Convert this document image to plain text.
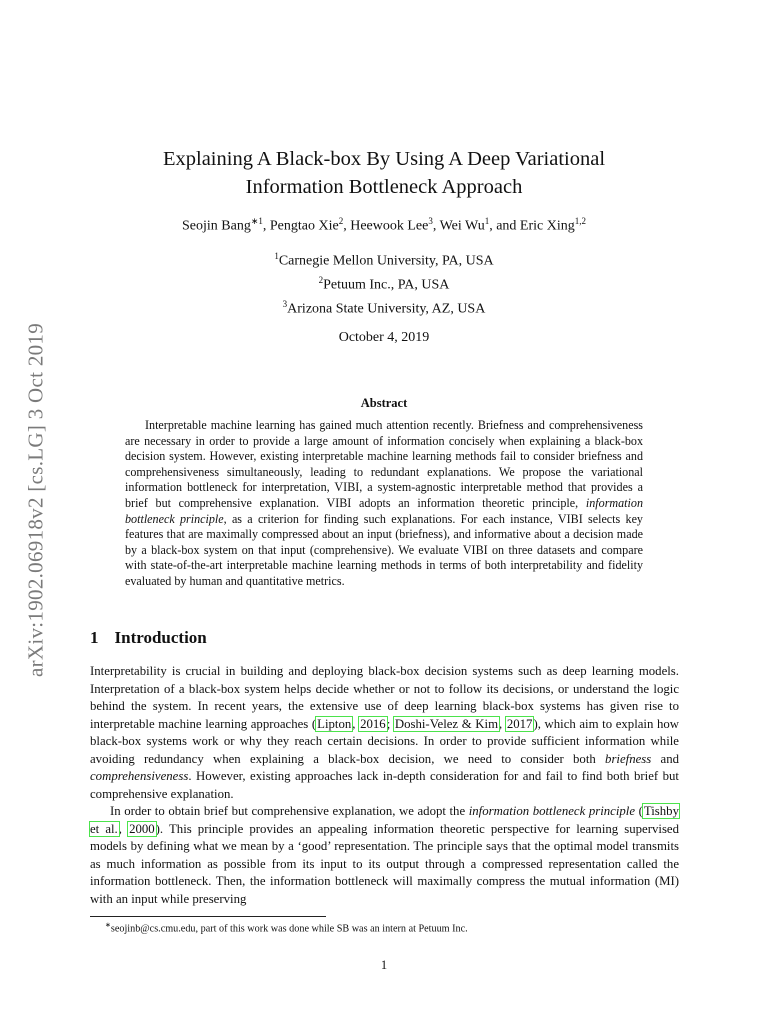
arXiv:1902.06918v2 [cs.LG] 3 Oct 2019
Explaining A Black-box By Using A Deep Variational
Information Bottleneck Approach
Seojin Bang$^{∗1}$, Pengtao Xie$^2$, Heewook Lee$^3$, Wei Wu$^1$, and Eric Xing$^{1,2}$
$^1$Carnegie Mellon University, PA, USA
$^2$Petuum Inc., PA, USA
$^3$Arizona State University, AZ, USA
October 4, 2019
Abstract
Interpretable machine learning has gained much attention recently. Briefness and comprehensiveness are necessary in order to provide a large amount of information concisely when explaining a black-box decision system. However, existing interpretable machine learning methods fail to consider briefness and comprehensiveness simultaneously, leading to redundant explanations. We propose the variational information bottleneck for interpretation, VIBI, a system-agnostic interpretable method that provides a brief but comprehensive explanation. VIBI adopts an information theoretic principle, information bottleneck principle, as a criterion for finding such explanations. For each instance, VIBI selects key features that are maximally compressed about an input (briefness), and informative about a decision made by a black-box system on that input (comprehensive). We evaluate VIBI on three datasets and compare with state-of-the-art interpretable machine learning methods in terms of both interpretability and fidelity evaluated by human and quantitative metrics.
1 Introduction

Interpretability is crucial in building and deploying black-box decision systems such as deep learning models. Interpretation of a black-box system helps decide whether or not to follow its decisions, or understand the logic behind the system. In recent years, the extensive use of deep learning black-box systems has given rise to interpretable machine learning approaches (Lipton, 2016; Doshi-Velez & Kim, 2017), which aim to explain how black-box systems work or why they reach certain decisions. In order to provide sufficient information while avoiding redundancy when explaining a black-box decision, we need to consider both briefness and comprehensiveness. However, existing approaches lack in-depth consideration for and fail to find both brief but comprehensive explanation.

In order to obtain brief but comprehensive explanation, we adopt the information bottleneck principle (Tishby et al., 2000). This principle provides an appealing information theoretic perspective for learning supervised models by defining what we mean by a ‘good’ representation. The principle says that the optimal model transmits as much information as possible from its input to its output through a compressed representation called the information bottleneck. Then, the information bottleneck will maximally compress the mutual information (MI) with an input while preserving

∗seojinb@cs.cmu.edu, part of this work was done while SB was an intern at Petuum Inc.
1
